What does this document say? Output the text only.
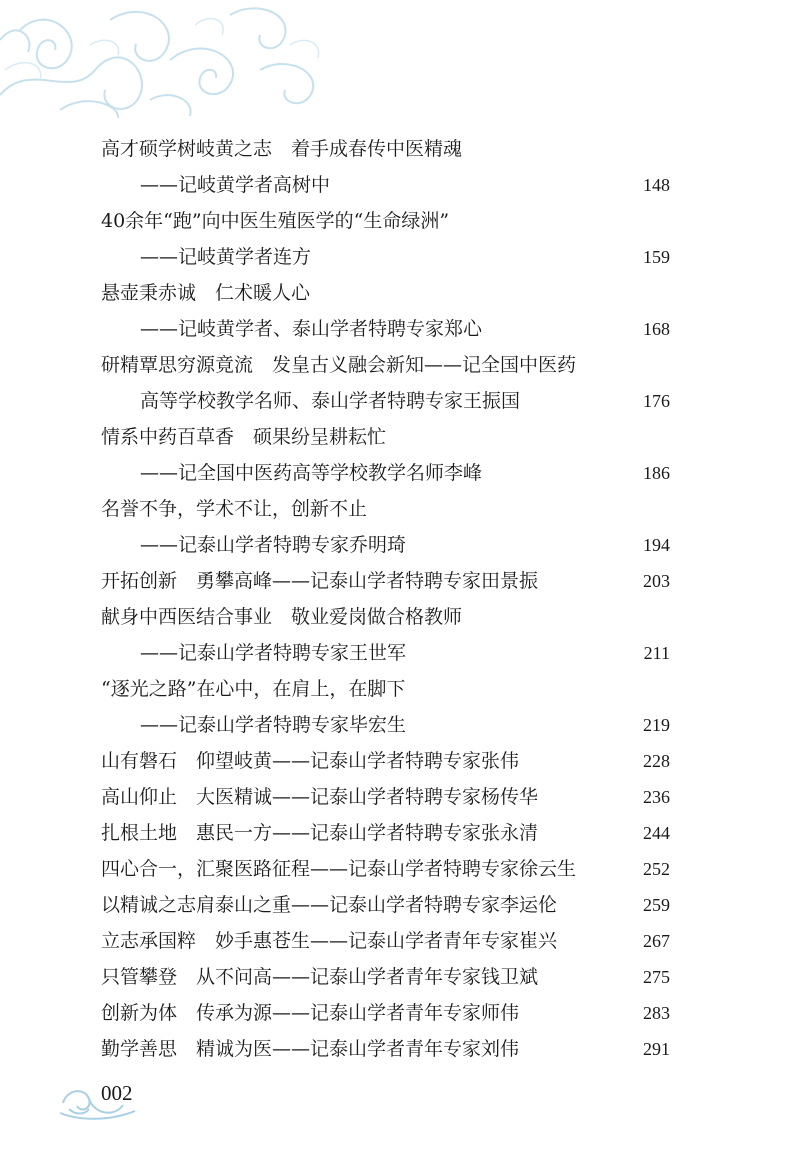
高才硕学树岐黄之志　着手成春传中医精魂
——记岐黄学者高树中	148
40余年“跑”向中医生殖医学的“生命绿洲”
——记岐黄学者连方	159
悬壶秉赤诚　仁术暖人心
——记岐黄学者、泰山学者特聘专家郑心	168
研精覃思穷源竟流　发皇古义融会新知——记全国中医药
高等学校教学名师、泰山学者特聘专家王振国	176
情系中药百草香　硕果纷呈耕耘忙
——记全国中医药高等学校教学名师李峰	186
名誉不争，学术不让，创新不止
——记泰山学者特聘专家乔明琦	194
开拓创新　勇攀高峰——记泰山学者特聘专家田景振	203
献身中西医结合事业　敬业爱岗做合格教师
——记泰山学者特聘专家王世军	211
“逐光之路”在心中，在肩上，在脚下
——记泰山学者特聘专家毕宏生	219
山有磐石　仰望岐黄——记泰山学者特聘专家张伟	228
高山仰止　大医精诚——记泰山学者特聘专家杨传华	236
扎根土地　惠民一方——记泰山学者特聘专家张永清	244
四心合一，汇聚医路征程——记泰山学者特聘专家徐云生	252
以精诚之志肩泰山之重——记泰山学者特聘专家李运伦	259
立志承国粹　妙手惠苍生——记泰山学者青年专家崔兴	267
只管攀登　从不问高——记泰山学者青年专家钱卫斌	275
创新为体　传承为源——记泰山学者青年专家师伟	283
勤学善思　精诚为医——记泰山学者青年专家刘伟	291
002
